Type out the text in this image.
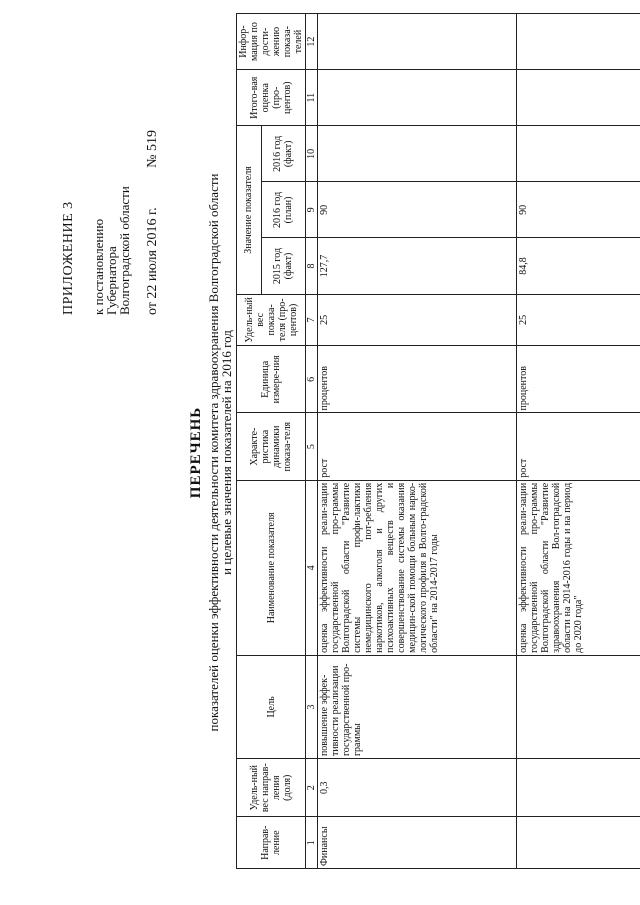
ПРИЛОЖЕНИЕ 3 к постановлению
Губернатора
Волгоградской области от 22 июля 2016 г. № 519
ПЕРЕЧЕНЬ показателей оценки эффективности деятельности комитета здравоохранения Волгоградской области
и целевые значения показателей на 2016 год
Направ-ление	Удель-ный вес направ-ления (доля)	Цель	Наименование показателя	Характе-ристика динамики показа-теля	Единица измере-ния	Удель-ный вес показа-теля (про-центов)	Значение показателя			Итого-вая оценка (про-центов)	Инфор-мация по дости-жению показа-телей
							2015 год (факт)	2016 год (план)	2016 год (факт)		
1	2	3	4	5	6	7	8	9	10	11	12
Финансы	0,3	повышение эффек-тивности реализации государственной про-граммы	оценка эффективности реали-зации государственной про-граммы Волгоградской области "Развитие системы профи-лактики немедицинского пот-ребления наркотиков, алкоголя и других психоактивных веществ и совершенствование системы оказания медицин-ской помощи больным нарко-логического профиля в Волго-градской области" на 2014-2017 годы	рост	процентов	25	127,7	90			
			оценка эффективности реали-зации государственной про-граммы Волгоградской области "Развитие здравоохранения Вол-гоградской области на 2014-2016 годы и на период до 2020 года"	рост	процентов	25	84,8	90			
